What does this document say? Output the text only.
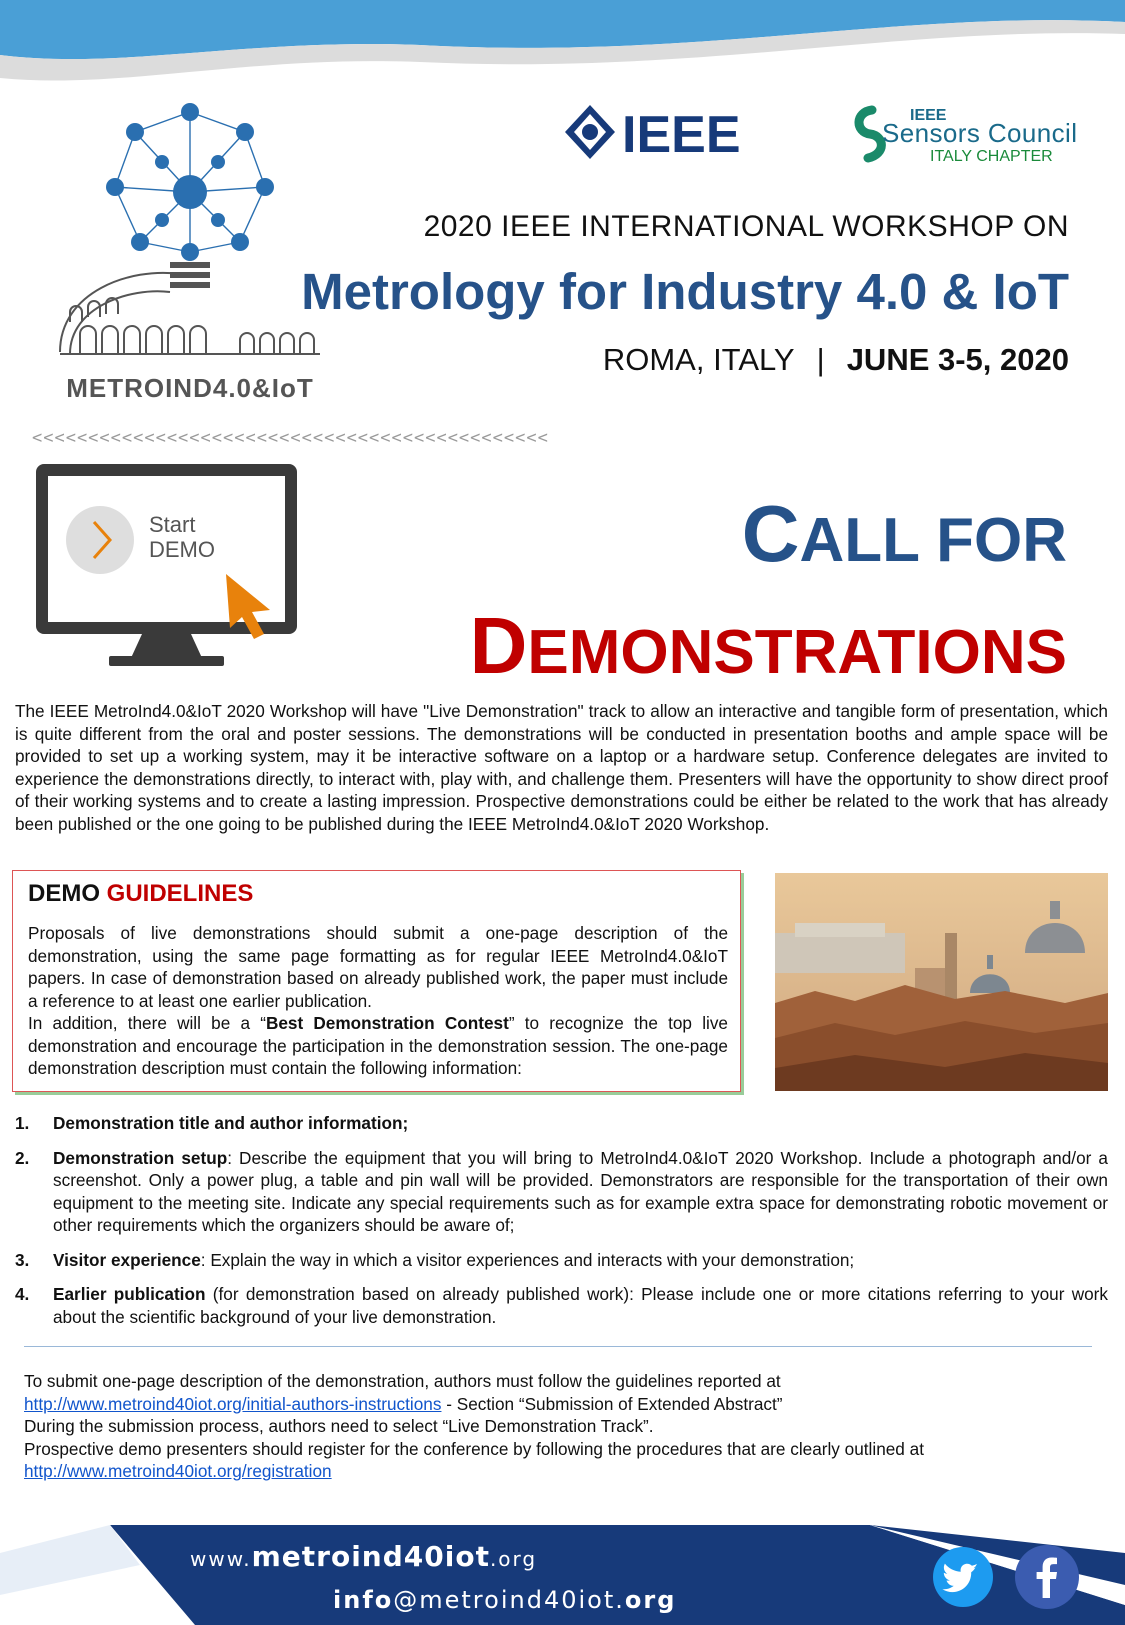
METROIND4.0&IoT
IEEE	IEEE
Sensors Council
ITALY CHAPTER
2020 IEEE INTERNATIONAL WORKSHOP ON
Metrology for Industry 4.0 & IoT
ROMA, ITALY | JUNE 3-5, 2020
<<<<<<<<<<<<<<<<<<<<<<<<<<<<<<<<<<<<<<<<<<<<<<
Start
DEMO	CALL FOR
DEMONSTRATIONS
The IEEE MetroInd4.0&IoT 2020 Workshop will have "Live Demonstration" track to allow an interactive and tangible form of presentation, which is quite different from the oral and poster sessions. The demonstrations will be conducted in presentation booths and ample space will be provided to set up a working system, may it be interactive software on a laptop or a hardware setup. Conference delegates are invited to experience the demonstrations directly, to interact with, play with, and challenge them. Presenters will have the opportunity to show direct proof of their working systems and to create a lasting impression. Prospective demonstrations could be either be related to the work that has already been published or the one going to be published during the IEEE MetroInd4.0&IoT 2020 Workshop.
DEMO GUIDELINES
Proposals of live demonstrations should submit a one-page description of the demonstration, using the same page formatting as for regular IEEE MetroInd4.0&IoT papers. In case of demonstration based on already published work, the paper must include a reference to at least one earlier publication.
In addition, there will be a “Best Demonstration Contest” to recognize the top live demonstration and encourage the participation in the demonstration session. The one-page demonstration description must contain the following information:
1. Demonstration title and author information;
2. Demonstration setup: Describe the equipment that you will bring to MetroInd4.0&IoT 2020 Workshop. Include a photograph and/or a screenshot. Only a power plug, a table and pin wall will be provided. Demonstrators are responsible for the transportation of their own equipment to the meeting site. Indicate any special requirements such as for example extra space for demonstrating robotic movement or other requirements which the organizers should be aware of;
3. Visitor experience: Explain the way in which a visitor experiences and interacts with your demonstration;
4. Earlier publication (for demonstration based on already published work): Please include one or more citations referring to your work about the scientific background of your live demonstration.
To submit one-page description of the demonstration, authors must follow the guidelines reported at
http://www.metroind40iot.org/initial-authors-instructions - Section “Submission of Extended Abstract”
During the submission process, authors need to select “Live Demonstration Track”.
Prospective demo presenters should register for the conference by following the procedures that are clearly outlined at
http://www.metroind40iot.org/registration
www.metroind40iot.org
info@metroind40iot.org
